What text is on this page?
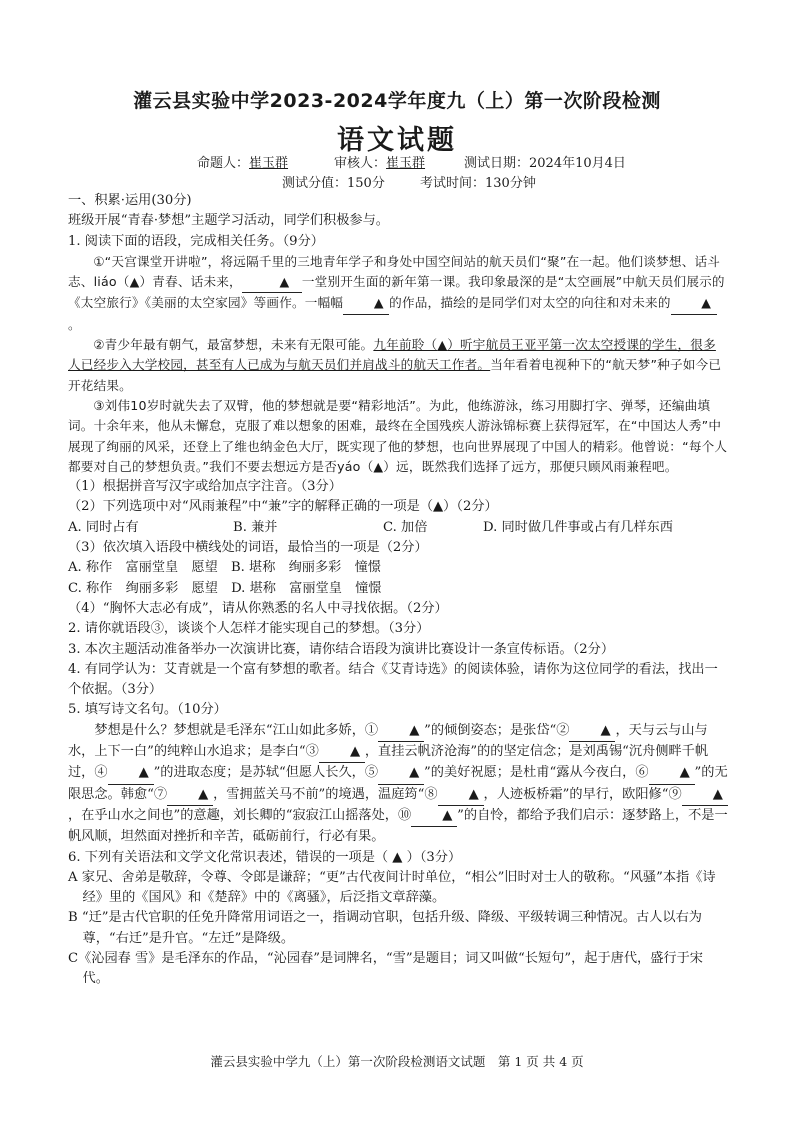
灌云县实验中学2023-2024学年度九（上）第一次阶段检测
语文试题
命题人：崔玉群	审核人：崔玉群	测试日期：2024年10月4日
测试分值：150分	考试时间：130分钟

一、积累·运用(30分)

班级开展“青春·梦想”主题学习活动，同学们积极参与。

1. 阅读下面的语段，完成相关任务。（9分）

①“天宫课堂开讲啦”，将远隔千里的三地青年学子和身处中国空间站的航天员们“聚”在一起。他们谈梦想、话斗志、liáo（▲）青春、话未来，	▲ 一堂别开生面的新年第一课。我印象最深的是“太空画展”中航天员们展示的《太空旅行》《美丽的太空家园》等画作。一幅幅 ▲ 的作品，描绘的是同学们对太空的向往和对未来的 ▲。

②青少年最有朝气，最富梦想，未来有无限可能。九年前聆（▲）听宇航员王亚平第一次太空授课的学生，很多人已经步入大学校园，甚至有人已成为与航天员们并肩战斗的航天工作者。当年看着电视种下的“航天梦”种子如今已开花结果。

③刘伟10岁时就失去了双臂，他的梦想就是要“精彩地活”。为此，他练游泳，练习用脚打字、弹琴，还编曲填词。十余年来，他从未懈怠，克服了难以想象的困难，最终在全国残疾人游泳锦标赛上获得冠军，在“中国达人秀”中展现了绚丽的风采，还登上了维也纳金色大厅，既实现了他的梦想，也向世界展现了中国人的精彩。他曾说：“每个人都要对自己的梦想负责。”我们不要去想远方是否yáo（▲）远，既然我们选择了远方，那便只顾风雨兼程吧。

（1）根据拼音写汉字或给加点字注音。（3分）

（2）下列选项中对“风雨兼程”中“兼”字的解释正确的一项是（▲）（2分）

A. 同时占有	B. 兼并	C. 加倍	D. 同时做几件事或占有几样东西

（3）依次填入语段中横线处的词语，最恰当的一项是（2分）

A. 称作　 富丽堂皇　 愿望　 B. 堪称　 绚丽多彩　 憧憬

C. 称作　 绚丽多彩　 愿望　 D. 堪称　 富丽堂皇　 憧憬

（4）“胸怀大志必有成”，请从你熟悉的名人中寻找依据。（2分）

2. 请你就语段③，谈谈个人怎样才能实现自己的梦想。（3分）

3. 本次主题活动准备举办一次演讲比赛，请你结合语段为演讲比赛设计一条宣传标语。（2分）

4. 有同学认为：艾青就是一个富有梦想的歌者。结合《艾青诗选》的阅读体验，请你为这位同学的看法，找出一个依据。（3分）

5. 填写诗文名句。（10分）

梦想是什么？梦想就是毛泽东“江山如此多娇，① ▲ ”的倾倒姿态；是张岱“② ▲ ，天与云与山与水，上下一白”的纯粹山水追求；是李白“③ ▲ ，直挂云帆济沧海”的的坚定信念；是刘禹锡“沉舟侧畔千帆过，④ ▲ ”的进取态度；是苏轼“但愿人长久，⑤ ▲ ”的美好祝愿；是杜甫“露从今夜白，⑥ ▲ ”的无限思念。韩愈“⑦ ▲ ，雪拥蓝关马不前”的境遇，温庭筠“⑧ ▲ ，人迹板桥霜”的早行，欧阳修“⑨ ▲，在乎山水之间也”的意趣，刘长卿的“寂寂江山摇落处，⑩ ▲ ”的自怜，都给予我们启示：逐梦路上，不是一帆风顺，坦然面对挫折和辛苦，砥砺前行，行必有果。

6. 下列有关语法和文学文化常识表述，错误的一项是（ ▲ ）（3分）

A 家兄、舍弟是敬辞，令尊、令郎是谦辞；“更”古代夜间计时单位，“相公”旧时对士人的敬称。“风骚”本指《诗经》里的《国风》和《楚辞》中的《离骚》，后泛指文章辞藻。

B “迁”是古代官职的任免升降常用词语之一，指调动官职，包括升级、降级、平级转调三种情况。古人以右为尊，“右迁”是升官。“左迁”是降级。

C《沁园春 雪》是毛泽东的作品，“沁园春”是词牌名，“雪”是题目；词又叫做“长短句”，起于唐代，盛行于宋代。

灌云县实验中学九（上）第一次阶段检测语文试题　第 1 页 共 4 页
